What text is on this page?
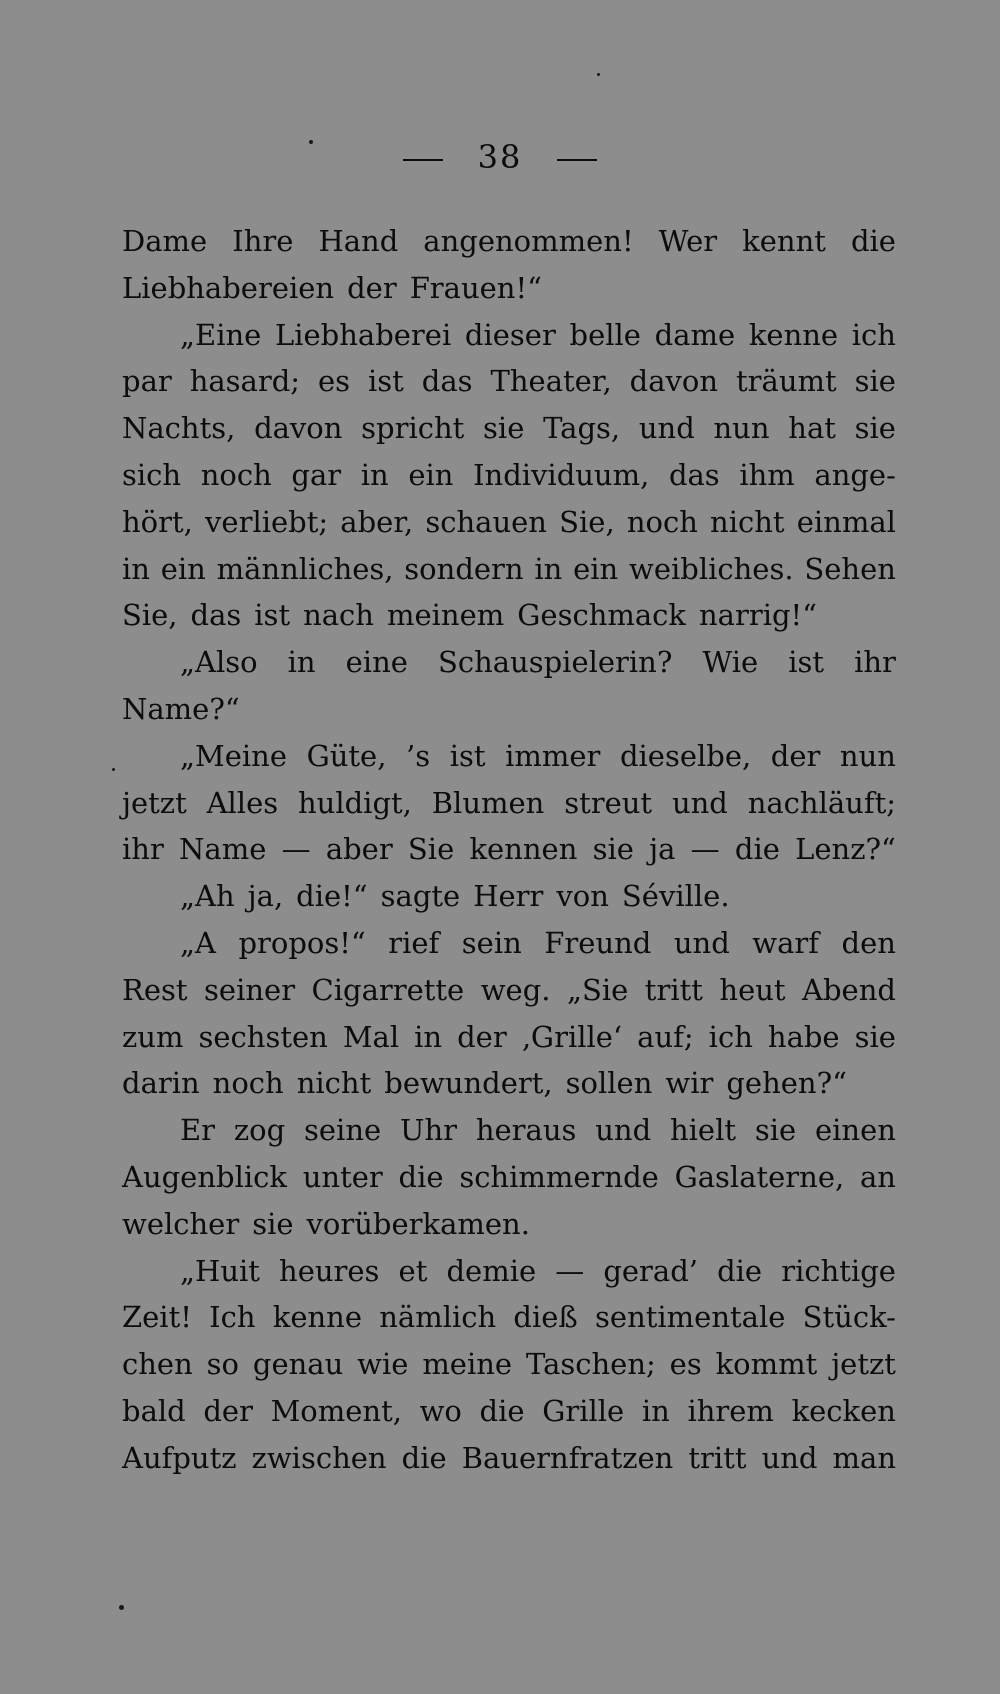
38
Dame Ihre Hand angenommen! Wer kennt die
Liebhabereien der Frauen!“
„Eine Liebhaberei dieser belle dame kenne ich
par hasard; es ist das Theater, davon träumt sie
Nachts, davon spricht sie Tags, und nun hat sie
sich noch gar in ein Individuum, das ihm ange-
hört, verliebt; aber, schauen Sie, noch nicht einmal
in ein männliches, sondern in ein weibliches. Sehen
Sie, das ist nach meinem Geschmack narrig!“
„Also in eine Schauspielerin? Wie ist ihr
Name?“
„Meine Güte, ’s ist immer dieselbe, der nun
jetzt Alles huldigt, Blumen streut und nachläuft;
ihr Name — aber Sie kennen sie ja — die Lenz?“
„Ah ja, die!“ sagte Herr von Séville.
„A propos!“ rief sein Freund und warf den
Rest seiner Cigarrette weg. „Sie tritt heut Abend
zum sechsten Mal in der ‚Grille‘ auf; ich habe sie
darin noch nicht bewundert, sollen wir gehen?“
Er zog seine Uhr heraus und hielt sie einen
Augenblick unter die schimmernde Gaslaterne, an
welcher sie vorüberkamen.
„Huit heures et demie — gerad’ die richtige
Zeit! Ich kenne nämlich dieß sentimentale Stück-
chen so genau wie meine Taschen; es kommt jetzt
bald der Moment, wo die Grille in ihrem kecken
Aufputz zwischen die Bauernfratzen tritt und man
